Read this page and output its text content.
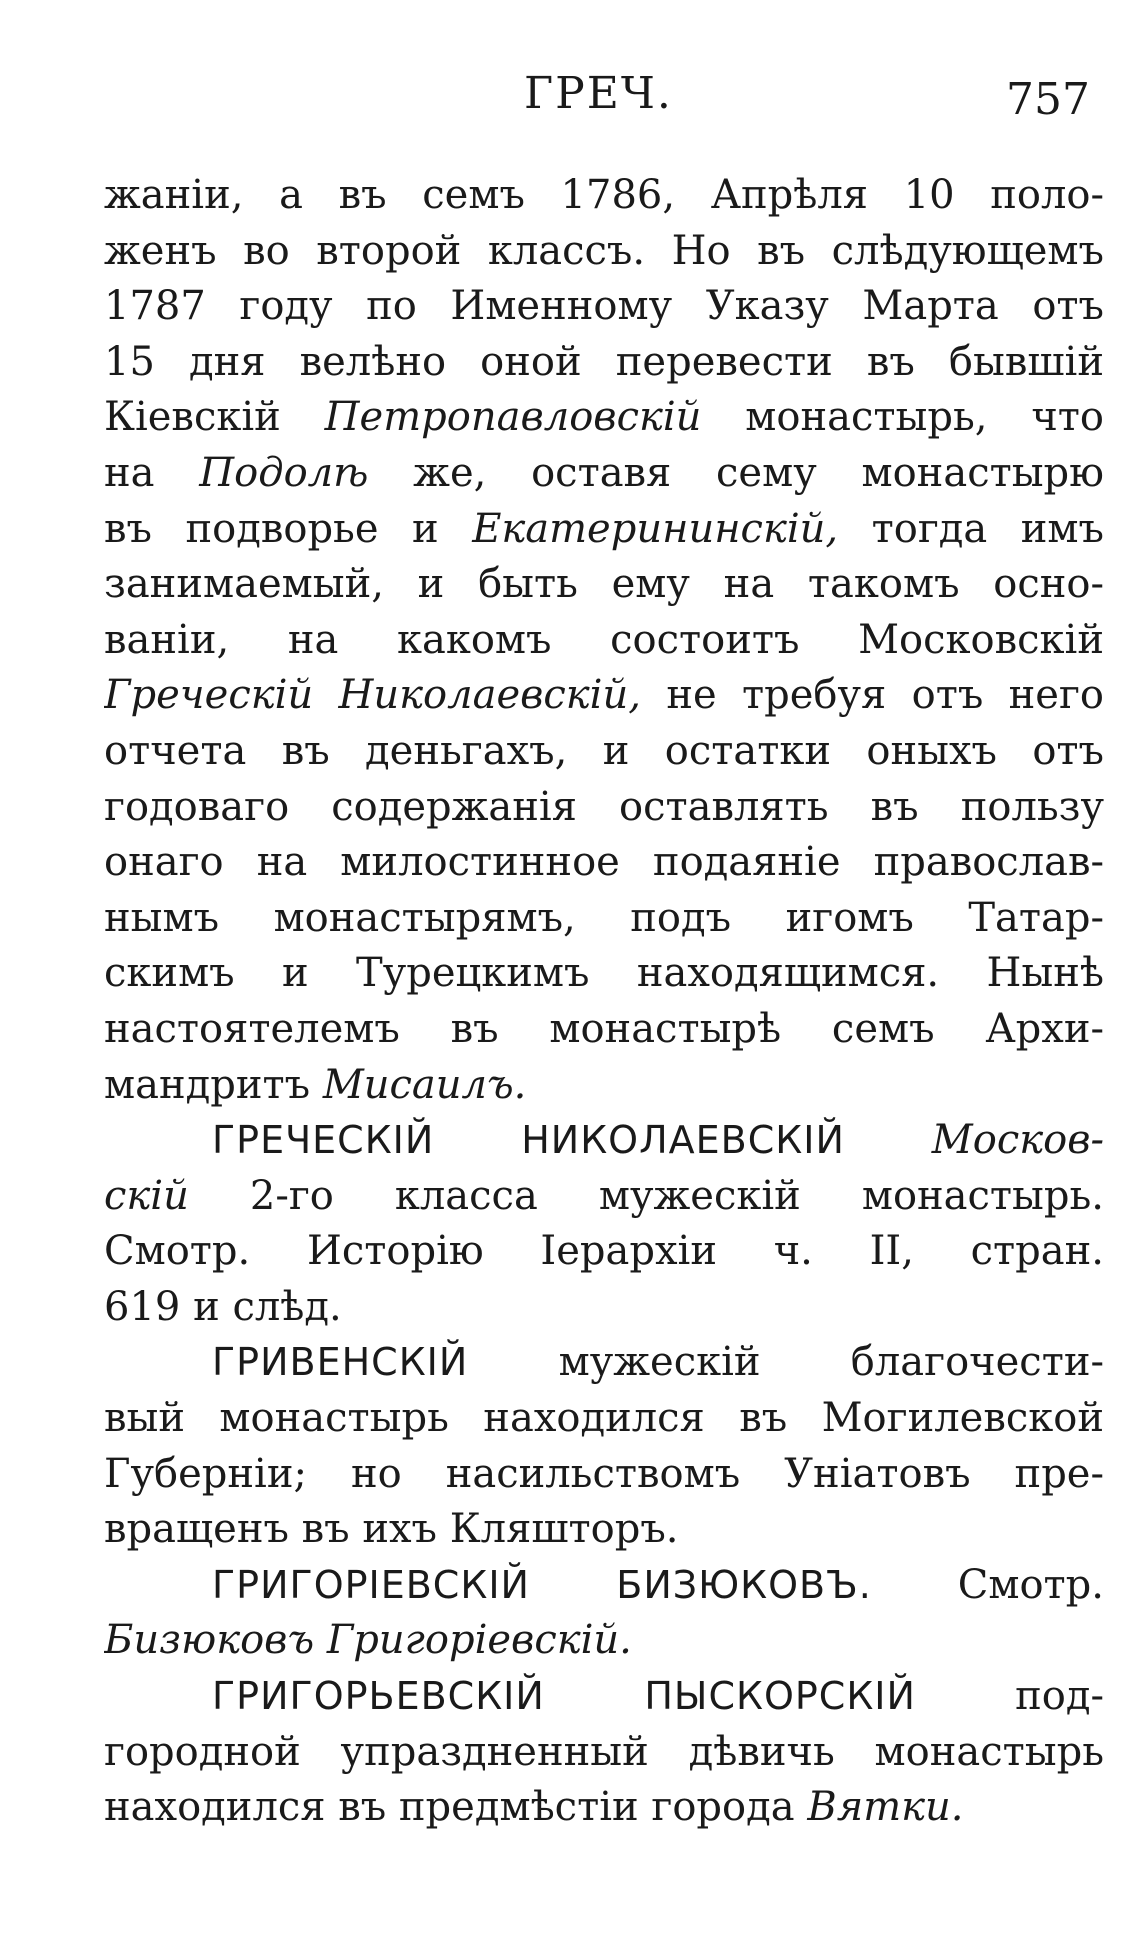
ГРЕЧ.	757
жанiи, а въ семъ 1786, Апрѣля 10 поло-
женъ во второй классъ. Но въ слѣдующемъ
1787 году по Именному Указу Марта отъ
15 дня велѣно оной перевести въ бывшiй
Кiевскiй Петропавловскiй монастырь, что
на Подолѣ же, оставя сему монастырю
въ подворье и Екатерининскiй, тогда имъ
занимаемый, и быть ему на такомъ осно-
ванiи, на какомъ состоитъ Московскiй
Греческiй Николаевскiй, не требуя отъ него
отчета въ деньгахъ, и остатки оныхъ отъ
годоваго содержанiя оставлять въ пользу
онаго на милостинное подаянiе православ-
нымъ монастырямъ, подъ игомъ Татар-
скимъ и Турецкимъ находящимся. Нынѣ
настоятелемъ въ монастырѣ семъ Архи-
мандритъ Мисаилъ.
ГРЕЧЕСКIЙ НИКОЛАЕВСКIЙ Москов-
скiй 2-го класса мужескiй монастырь.
Смотр. Исторiю Iерархiи ч. II, стран.
619 и слѣд.
ГРИВЕНСКIЙ мужескiй благочести-
вый монастырь находился въ Могилевской
Губернiи; но насильствомъ Унiатовъ пре-
вращенъ въ ихъ Кляшторъ.
ГРИГОРIЕВСКIЙ БИЗЮКОВЪ. Смотр.
Бизюковъ Григорiевскiй.
ГРИГОРЬЕВСКIЙ ПЫСКОРСКIЙ под-
городной упраздненный дѣвичь монастырь
находился въ предмѣстiи города Вятки.
